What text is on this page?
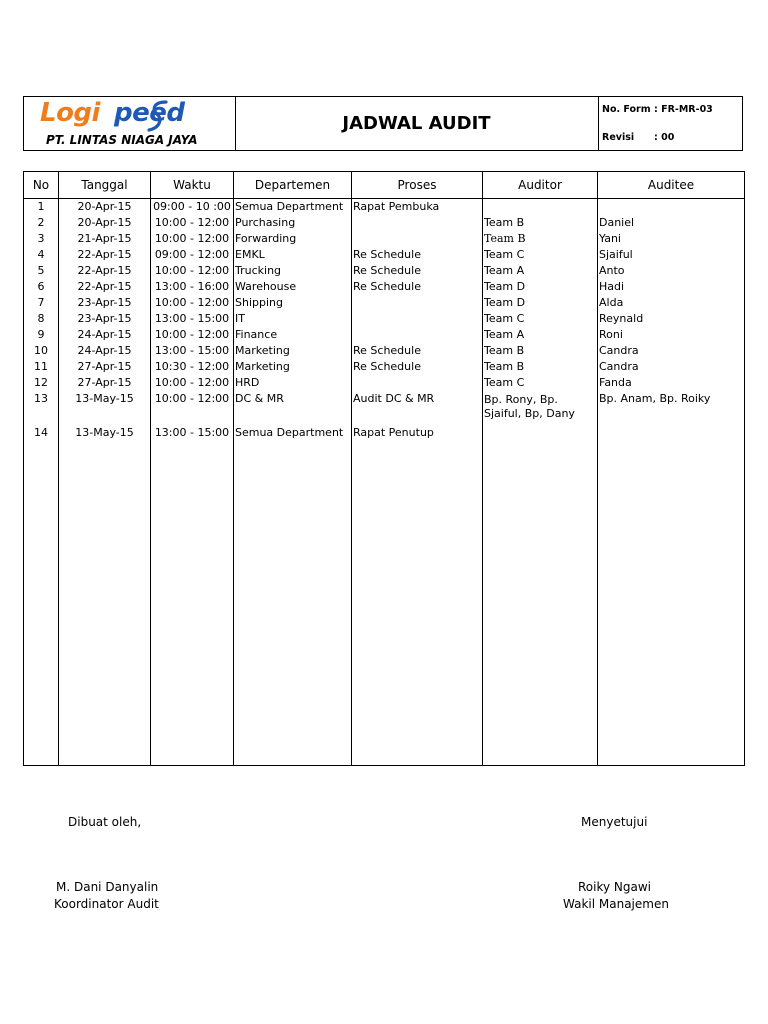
Logi peed
PT. LINTAS NIAGA JAYA
JADWAL AUDIT
No. Form : FR-MR-03
Revisi : 00
No	Tanggal	Waktu	Departemen	Proses	Auditor	Auditee
1	20-Apr-15	09:00 - 10 :00	Semua Department	Rapat Pembuka		
2	20-Apr-15	10:00 - 12:00	Purchasing		Team B	Daniel
3	21-Apr-15	10:00 - 12:00	Forwarding		Team B	Yani
4	22-Apr-15	09:00 - 12:00	EMKL	Re Schedule	Team C	Sjaiful
5	22-Apr-15	10:00 - 12:00	Trucking	Re Schedule	Team A	Anto
6	22-Apr-15	13:00 - 16:00	Warehouse	Re Schedule	Team D	Hadi
7	23-Apr-15	10:00 - 12:00	Shipping		Team D	Alda
8	23-Apr-15	13:00 - 15:00	IT		Team C	Reynald
9	24-Apr-15	10:00 - 12:00	Finance		Team A	Roni
10	24-Apr-15	13:00 - 15:00	Marketing	Re Schedule	Team B	Candra
11	27-Apr-15	10:30 - 12:00	Marketing	Re Schedule	Team B	Candra
12	27-Apr-15	10:00 - 12:00	HRD		Team C	Fanda
13	13-May-15	10:00 - 12:00	DC & MR	Audit DC & MR	Bp. Rony, Bp. Sjaiful, Bp, Dany	Bp. Anam, Bp. Roiky
14	13-May-15	13:00 - 15:00	Semua Department	Rapat Penutup		

Dibuat oleh,
M. Dani Danyalin
Koordinator Audit
Menyetujui
Roiky Ngawi
Wakil Manajemen
